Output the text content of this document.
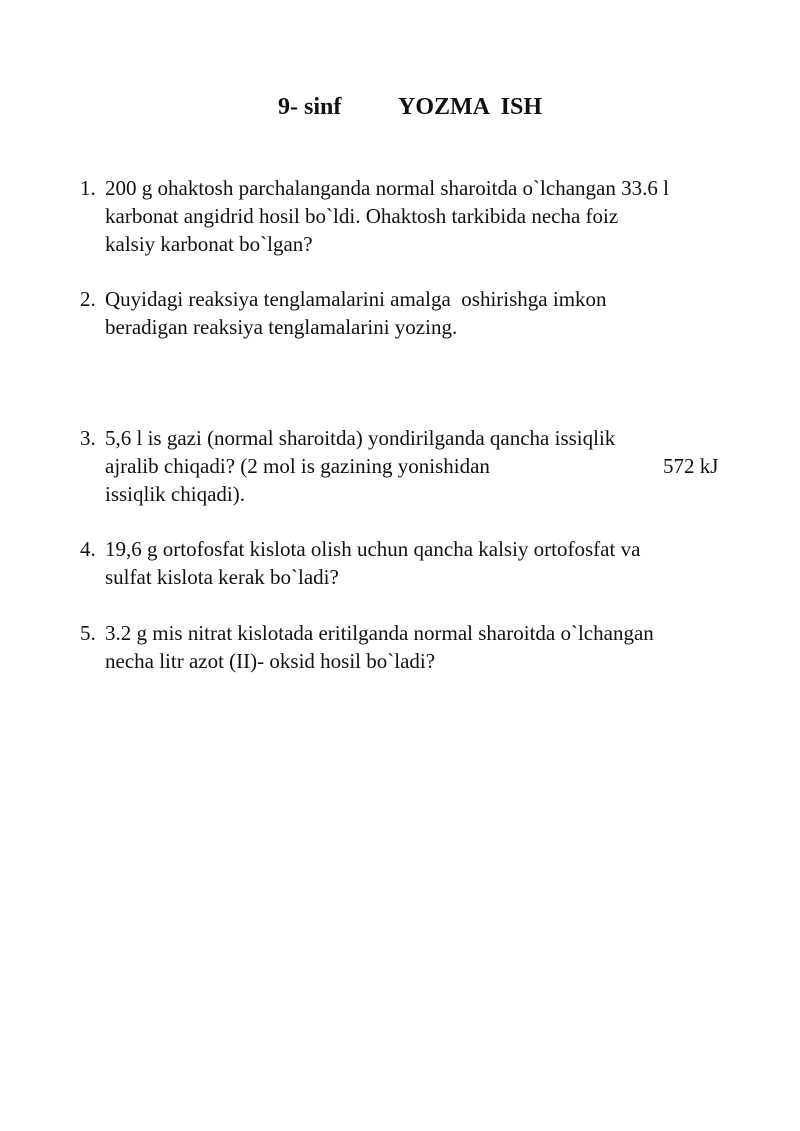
9- sinf YOZMA  ISH
1. 200 g ohaktosh parchalanganda normal sharoitda o`lchangan 33.6 l
karbonat angidrid hosil bo`ldi. Ohaktosh tarkibida necha foiz
kalsiy karbonat bo`lgan?
2. Quyidagi reaksiya tenglamalarini amalga  oshirishga imkon
beradigan reaksiya tenglamalarini yozing.
3. 5,6 l is gazi (normal sharoitda) yondirilganda qancha issiqlik
ajralib chiqadi? (2 mol is gazining yonishidan
issiqlik chiqadi).
572 kJ
4. 19,6 g ortofosfat kislota olish uchun qancha kalsiy ortofosfat va
sulfat kislota kerak bo`ladi?
5. 3.2 g mis nitrat kislotada eritilganda normal sharoitda o`lchangan
necha litr azot (II)- oksid hosil bo`ladi?
